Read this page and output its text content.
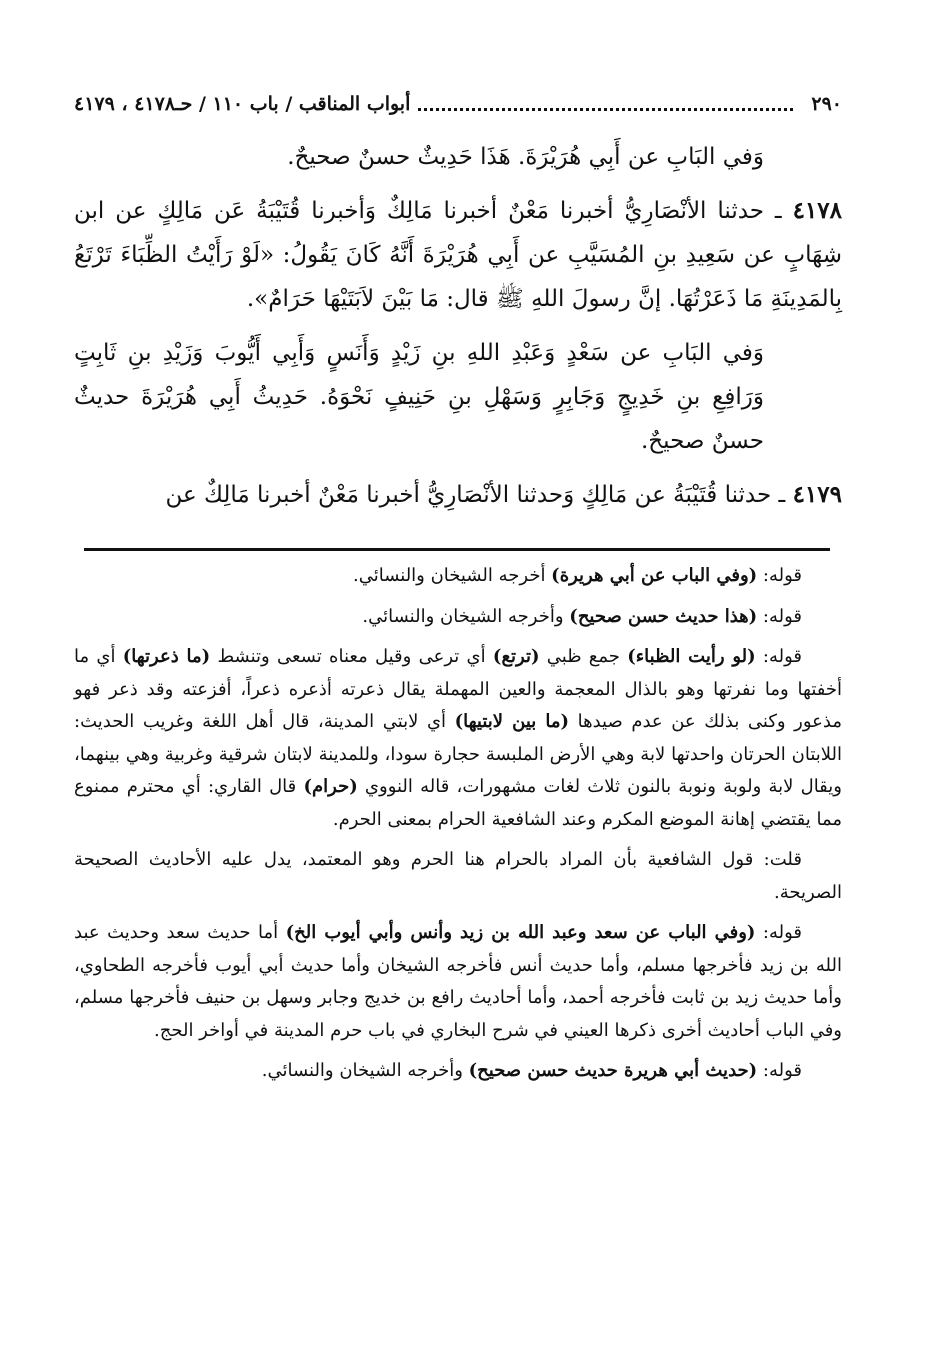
٢٩٠
أبواب المناقب / باب ١١٠ / حـ٤١٧٨ ، ٤١٧٩

وَفي البَابِ عن أَبِي هُرَيْرَةَ. هَذَا حَدِيثٌ حسنٌ صحيحٌ.

٤١٧٨ ـ حدثنا الأنْصَارِيُّ أخبرنا مَعْنٌ أخبرنا مَالِكٌ وَأخبرنا قُتَيْبَةُ عَن مَالِكٍ عن ابن شِهَابٍ عن سَعِيدِ بنِ المُسَيَّبِ عن أَبِي هُرَيْرَةَ أَنَّهُ كَانَ يَقُولُ: «لَوْ رَأَيْتُ الظِّبَاءَ تَرْتَعُ بِالمَدِينَةِ مَا ذَعَرْتُهَا. إنَّ رسولَ اللهِ ﷺ قال: مَا بَيْنَ لاَبَتَيْهَا حَرَامٌ».

وَفي البَابِ عن سَعْدٍ وَعَبْدِ اللهِ بنِ زَيْدٍ وَأَنَسٍ وَأَبِي أَيُّوبَ وَزَيْدِ بنِ ثَابِتٍ وَرَافِعِ بنِ خَدِيجٍ وَجَابِرٍ وَسَهْلِ بنِ حَنِيفٍ نَحْوَهُ. حَدِيثُ أَبِي هُرَيْرَةَ حديثٌ حسنٌ صحيحٌ.

٤١٧٩ ـ حدثنا قُتَيْبَةُ عن مَالِكٍ وَحدثنا الأنْصَارِيُّ أخبرنا مَعْنٌ أخبرنا مَالِكٌ عن

قوله: (وفي الباب عن أبي هريرة) أخرجه الشيخان والنسائي.

قوله: (هذا حديث حسن صحيح) وأخرجه الشيخان والنسائي.

قوله: (لو رأيت الظباء) جمع ظبي (ترتع) أي ترعى وقيل معناه تسعى وتنشط (ما ذعرتها) أي ما أخفتها وما نفرتها وهو بالذال المعجمة والعين المهملة يقال ذعرته أذعره ذعراً، أفزعته وقد ذعر فهو مذعور وكنى بذلك عن عدم صيدها (ما بين لابتيها) أي لابتي المدينة، قال أهل اللغة وغريب الحديث: اللابتان الحرتان واحدتها لابة وهي الأرض الملبسة حجارة سودا، وللمدينة لابتان شرقية وغربية وهي بينهما، ويقال لابة ولوبة ونوبة بالنون ثلاث لغات مشهورات، قاله النووي (حرام) قال القاري: أي محترم ممنوع مما يقتضي إهانة الموضع المكرم وعند الشافعية الحرام بمعنى الحرم.

قلت: قول الشافعية بأن المراد بالحرام هنا الحرم وهو المعتمد، يدل عليه الأحاديث الصحيحة الصريحة.

قوله: (وفي الباب عن سعد وعبد الله بن زيد وأنس وأبي أيوب الخ) أما حديث سعد وحديث عبد الله بن زيد فأخرجها مسلم، وأما حديث أنس فأخرجه الشيخان وأما حديث أبي أيوب فأخرجه الطحاوي، وأما حديث زيد بن ثابت فأخرجه أحمد، وأما أحاديث رافع بن خديج وجابر وسهل بن حنيف فأخرجها مسلم، وفي الباب أحاديث أخرى ذكرها العيني في شرح البخاري في باب حرم المدينة في أواخر الحج.

قوله: (حديث أبي هريرة حديث حسن صحيح) وأخرجه الشيخان والنسائي.
